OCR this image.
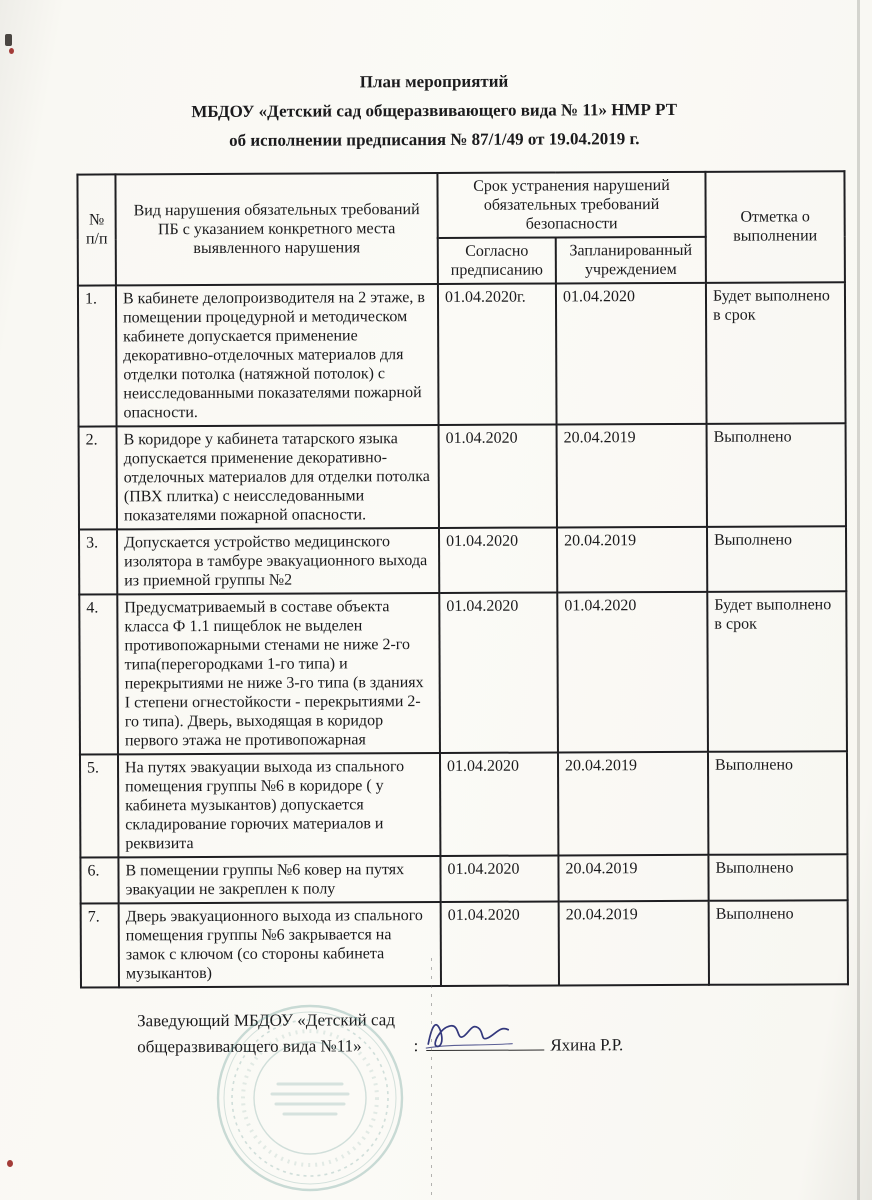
План мероприятий
МБДОУ «Детский сад общеразвивающего вида № 11» НМР РТ
об исполнении предписания № 87/1/49 от 19.04.2019 г.
№ п/п	Вид нарушения обязательных требований ПБ с указанием конкретного места выявленного нарушения	Срок устранения нарушений обязательных требований безопасности		Отметка о выполнении
		Согласно предписанию	Запланированный учреждением	
1.	В кабинете делопроизводителя на 2 этаже, в помещении процедурной и методическом кабинете допускается применение декоративно-отделочных материалов для отделки потолка (натяжной потолок) с неисследованными показателями пожарной опасности.	01.04.2020г.	01.04.2020	Будет выполнено в срок
2.	В коридоре у кабинета татарского языка допускается применение декоративно-отделочных материалов для отделки потолка (ПВХ плитка) с неисследованными показателями пожарной опасности.	01.04.2020	20.04.2019	Выполнено
3.	Допускается устройство медицинского изолятора в тамбуре эвакуационного выхода из приемной группы №2	01.04.2020	20.04.2019	Выполнено
4.	Предусматриваемый в составе объекта класса Ф 1.1 пищеблок не выделен противопожарными стенами не ниже 2-го типа(перегородками 1-го типа) и перекрытиями не ниже 3-го типа (в зданиях I степени огнестойкости - перекрытиями 2-го типа). Дверь, выходящая в коридор первого этажа не противопожарная	01.04.2020	01.04.2020	Будет выполнено в срок
5.	На путях эвакуации выхода из спального помещения группы №6 в коридоре ( у кабинета музыкантов) допускается складирование горючих материалов и реквизита	01.04.2020	20.04.2019	Выполнено
6.	В помещении группы №6 ковер на путях эвакуации не закреплен к полу	01.04.2020	20.04.2019	Выполнено
7.	Дверь эвакуационного выхода из спального помещения группы №6 закрывается на замок с ключом (со стороны кабинета музыкантов)	01.04.2020	20.04.2019	Выполнено
Заведующий МБДОУ «Детский сад
общеразвивающего вида №11»	:	Яхина Р.Р.
